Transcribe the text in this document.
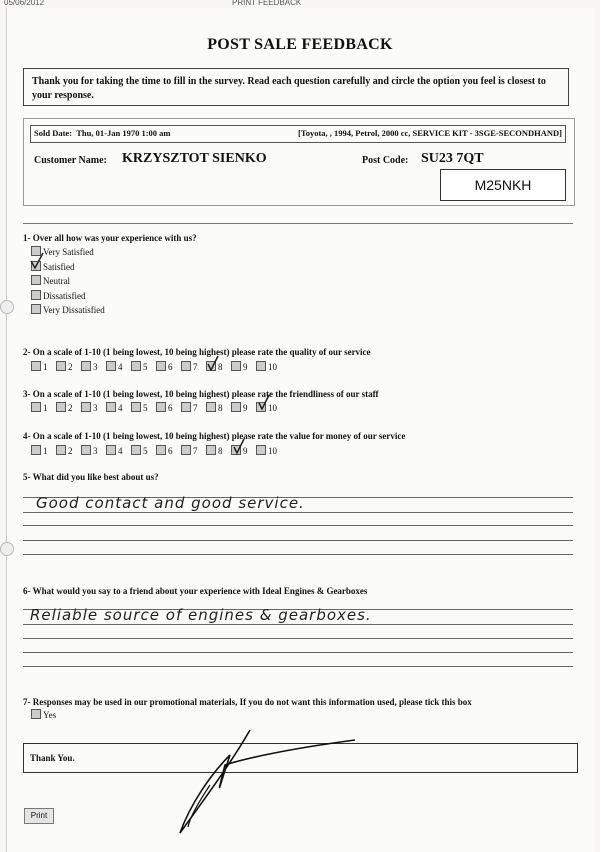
05/06/2012	PRINT FEEDBACK
POST SALE FEEDBACK
Thank you for taking the time to fill in the survey. Read each question carefully and circle the option you feel is closest to your response.
Sold Date: Thu, 01-Jan 1970 1:00 am	[Toyota, , 1994, Petrol, 2000 cc, SERVICE KIT - 3SGE-SECONDHAND]
Customer Name: KRZYSZTOT SIENKO	Post Code: SU23 7QT
M25NKH
1- Over all how was your experience with us?
Very Satisfied
Satisfied
Neutral
Dissatisfied
Very Dissatisfied
2- On a scale of 1-10 (1 being lowest, 10 being highest) please rate the quality of our service
1 2 3 4 5 6 7 8 9 10
3- On a scale of 1-10 (1 being lowest, 10 being highest) please rate the friendliness of our staff
1 2 3 4 5 6 7 8 9 10
4- On a scale of 1-10 (1 being lowest, 10 being highest) please rate the value for money of our service
1 2 3 4 5 6 7 8 9 10
5- What did you like best about us?
Good contact and good service.
6- What would you say to a friend about your experience with Ideal Engines & Gearboxes
Reliable source of engines & gearboxes.
7- Responses may be used in our promotional materials, If you do not want this information used, please tick this box
Yes
Thank You.
Print
